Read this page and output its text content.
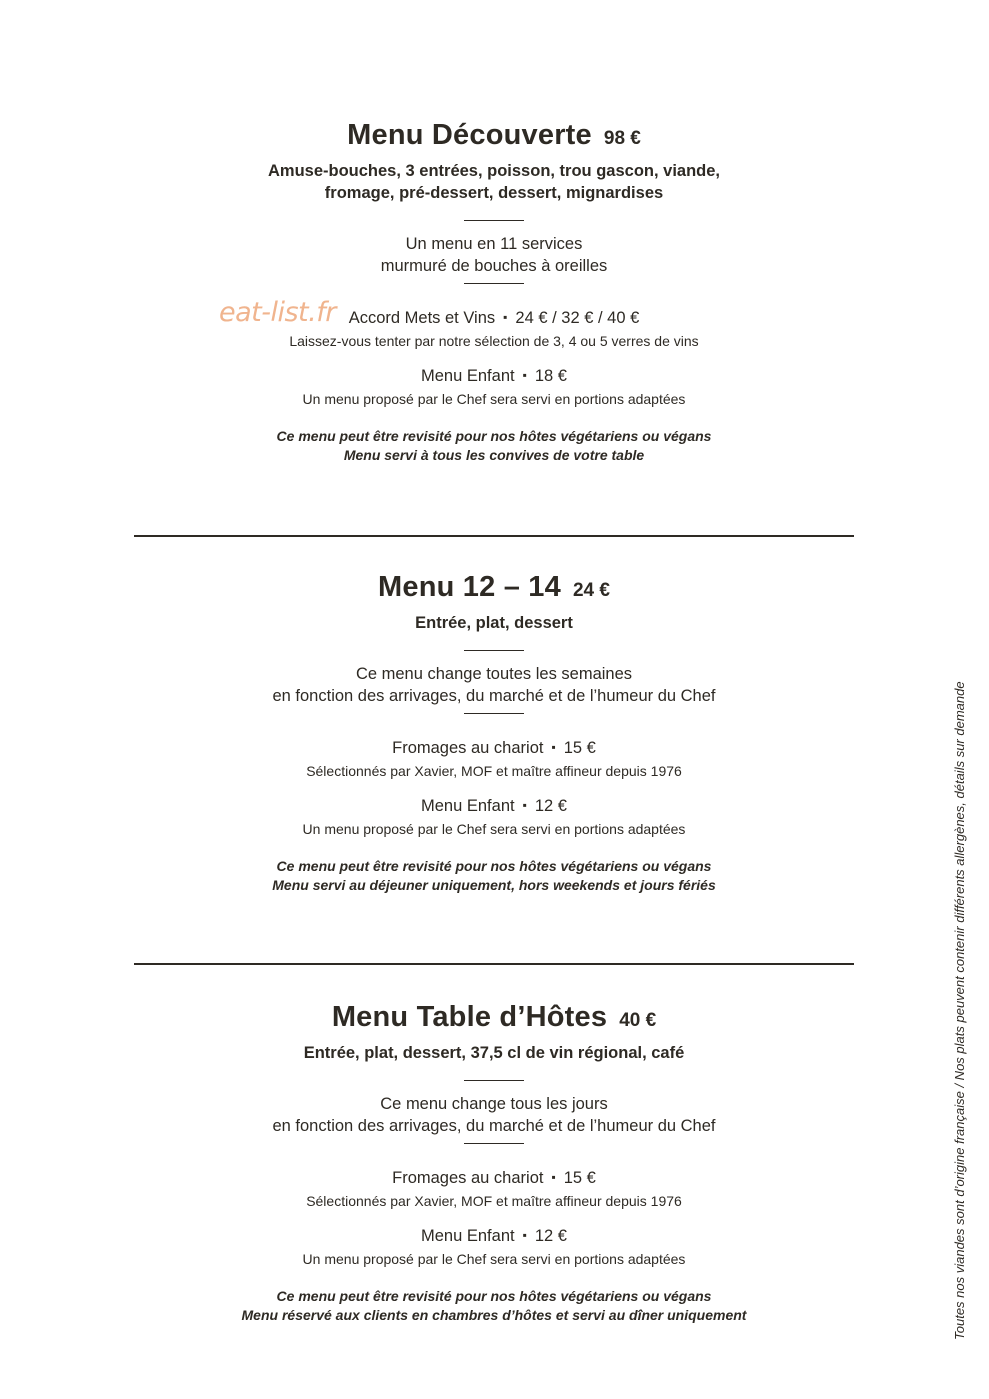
eat-list.fr
Menu Découverte 98 €
Amuse-bouches, 3 entrées, poisson, trou gascon, viande,
fromage, pré-dessert, dessert, mignardises
Un menu en 11 services
murmuré de bouches à oreilles
Accord Mets et Vins ▪ 24 € / 32 € / 40 €
Laissez-vous tenter par notre sélection de 3, 4 ou 5 verres de vins
Menu Enfant ▪ 18 €
Un menu proposé par le Chef sera servi en portions adaptées
Ce menu peut être revisité pour nos hôtes végétariens ou végans
Menu servi à tous les convives de votre table
Menu 12 – 14 24 €
Entrée, plat, dessert
Ce menu change toutes les semaines
en fonction des arrivages, du marché et de l’humeur du Chef
Fromages au chariot ▪ 15 €
Sélectionnés par Xavier, MOF et maître affineur depuis 1976
Menu Enfant ▪ 12 €
Un menu proposé par le Chef sera servi en portions adaptées
Ce menu peut être revisité pour nos hôtes végétariens ou végans
Menu servi au déjeuner uniquement, hors weekends et jours fériés
Menu Table d’Hôtes 40 €
Entrée, plat, dessert, 37,5 cl de vin régional, café
Ce menu change tous les jours
en fonction des arrivages, du marché et de l’humeur du Chef
Fromages au chariot ▪ 15 €
Sélectionnés par Xavier, MOF et maître affineur depuis 1976
Menu Enfant ▪ 12 €
Un menu proposé par le Chef sera servi en portions adaptées
Ce menu peut être revisité pour nos hôtes végétariens ou végans
Menu réservé aux clients en chambres d’hôtes et servi au dîner uniquement	Toutes nos viandes sont d’origine française / Nos plats peuvent contenir différents allergènes, détails sur demande
